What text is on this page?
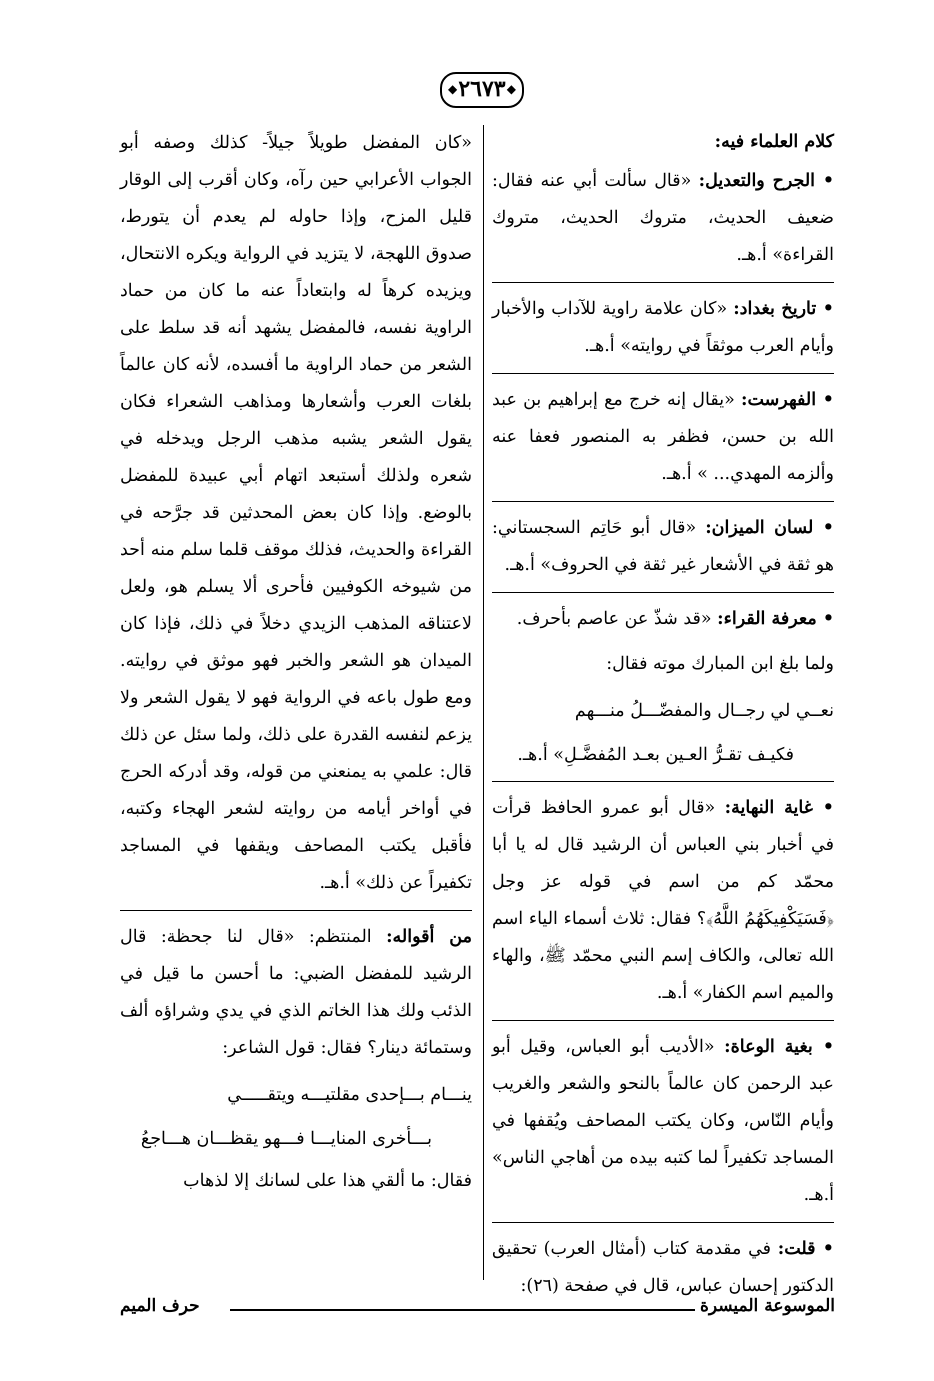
◆ ٢٦٧٣ ◆
كلام العلماء فيه:

• الجرح والتعديل: «قال سألت أبي عنه فقال: ضعيف الحديث، متروك الحديث، متروك القراءة» أ.هـ.

• تاريخ بغداد: «كان علامة راوية للآداب والأخبار وأيام العرب موثقاً في روايته» أ.هـ.

• الفهرست: «يقال إنه خرج مع إبراهيم بن عبد الله بن حسن، فظفر به المنصور فعفا عنه وألزمه المهدي... » أ.هـ.

• لسان الميزان: «قال أبو حَاتِم السجستاني: هو ثقة في الأشعار غير ثقة في الحروف» أ.هـ.

• معرفة القراء: «قد شذّ عن عاصم بأحرف.

ولما بلغ ابن المبارك موته فقال:

نعــي لي رجــال والمفضّـــلُ منـــهم
فكيـف تقـرُّ العـين بعـد المُفضَّـلِ» أ.هـ.

• غاية النهاية: «قال أبو عمرو الحافظ قرأت في أخبار بني العباس أن الرشيد قال له يا أبا محمّد كم من اسم في قوله عز وجل ﴿فَسَيَكْفِيكَهُمُ اللَّهُ﴾؟ فقال: ثلاث أسماء الياء اسم الله تعالى، والكاف إسم النبي محمّد ﷺ، والهاء والميم اسم الكفار» أ.هـ.

• بغية الوعاة: «الأديب أبو العباس، وقيل أبو عبد الرحمن كان عالماً بالنحو والشعر والغريب وأيام النّاس، وكان يكتب المصاحف ويُقفها في المساجد تكفيراً لما كتبه بيده من أهاجي الناس» أ.هـ.

• قلت: في مقدمة كتاب (أمثال العرب) تحقيق الدكتور إحسان عباس، قال في صفحة (٢٦):

«كان المفضل طويلاً جيلاً- كذلك وصفه أبو الجواب الأعرابي حين رآه، وكان أقرب إلى الوقار قليل المزح، وإذا حاوله لم يعدم أن يتورط، صدوق اللهجة، لا يتزيد في الرواية ويكره الانتحال، ويزيده كرهاً له وابتعاداً عنه ما كان من حماد الراوية نفسه، فالمفضل يشهد أنه قد سلط على الشعر من حماد الراوية ما أفسده، لأنه كان عالماً بلغات العرب وأشعارها ومذاهب الشعراء فكان يقول الشعر يشبه مذهب الرجل ويدخله في شعره ولذلك أستبعد اتهام أبي عبيدة للمفضل بالوضع. وإذا كان بعض المحدثين قد جرَّحه في القراءة والحديث، فذلك موقف قلما سلم منه أحد من شيوخه الكوفيين فأحرى ألا يسلم هو، ولعل لاعتناقه المذهب الزيدي دخلاً في ذلك، فإذا كان الميدان هو الشعر والخبر فهو موثق في روايته. ومع طول باعه في الرواية فهو لا يقول الشعر ولا يزعم لنفسه القدرة على ذلك، ولما سئل عن ذلك قال: علمي به يمنعني من قوله، وقد أدركه الحرج في أواخر أيامه من روايته لشعر الهجاء وكتبه، فأقبل يكتب المصاحف ويقفها في المساجد تكفيراً عن ذلك» أ.هـ.

من أقواله: المنتظم: «قال لنا جحظة: قال الرشيد للمفضل الضبي: ما أحسن ما قيل في الذئب ولك هذا الخاتم الذي في يدي وشراؤه ألف وستمائة دينار؟ فقال: قول الشاعر:

ينـــام بـــإحدى مقلتيـــه ويتقـــــي
بـــأخرى المنايـــا فـــهو يقظـــان هـــاجعُ

فقال: ما ألقي هذا على لسانك إلا لذهاب

الموسوعة الميسرة
حرف الميم
